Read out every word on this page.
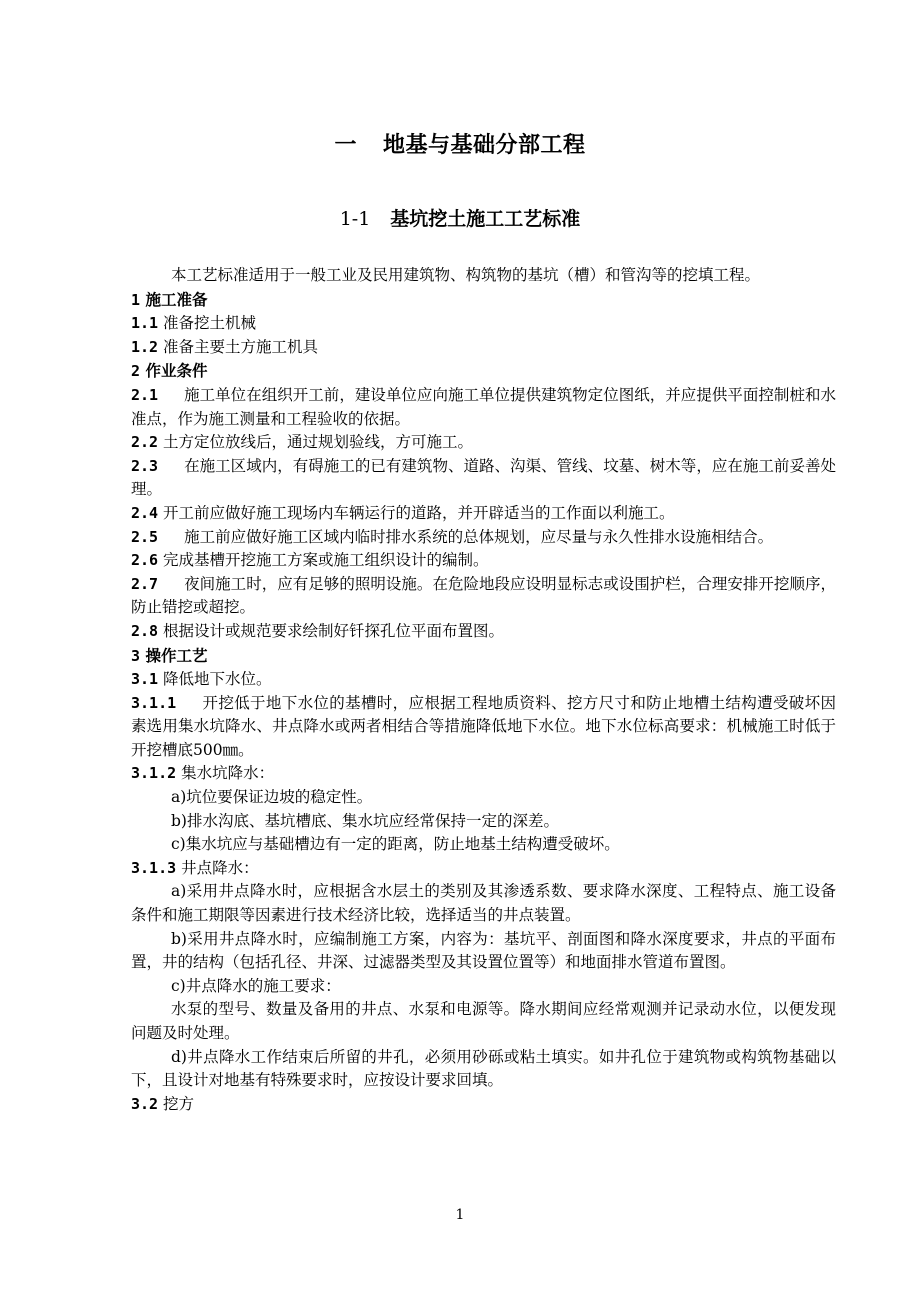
一 地基与基础分部工程
1-1 基坑挖土施工工艺标准

本工艺标准适用于一般工业及民用建筑物、构筑物的基坑（槽）和管沟等的挖填工程。

1 施工准备

1.1 准备挖土机械

1.2 准备主要土方施工机具

2 作业条件

2.1 施工单位在组织开工前，建设单位应向施工单位提供建筑物定位图纸，并应提供平面控制桩和水准点，作为施工测量和工程验收的依据。

2.2 土方定位放线后，通过规划验线，方可施工。

2.3 在施工区域内，有碍施工的已有建筑物、道路、沟渠、管线、坟墓、树木等，应在施工前妥善处理。

2.4 开工前应做好施工现场内车辆运行的道路，并开辟适当的工作面以利施工。

2.5 施工前应做好施工区域内临时排水系统的总体规划，应尽量与永久性排水设施相结合。

2.6 完成基槽开挖施工方案或施工组织设计的编制。

2.7 夜间施工时，应有足够的照明设施。在危险地段应设明显标志或设围护栏，合理安排开挖顺序，防止错挖或超挖。

2.8 根据设计或规范要求绘制好钎探孔位平面布置图。

3 操作工艺

3.1 降低地下水位。

3.1.1 开挖低于地下水位的基槽时，应根据工程地质资料、挖方尺寸和防止地槽土结构遭受破坏因素选用集水坑降水、井点降水或两者相结合等措施降低地下水位。地下水位标高要求：机械施工时低于开挖槽底500㎜。

3.1.2 集水坑降水：

a)坑位要保证边坡的稳定性。

b)排水沟底、基坑槽底、集水坑应经常保持一定的深差。

c)集水坑应与基础槽边有一定的距离，防止地基土结构遭受破坏。

3.1.3 井点降水：

a)采用井点降水时，应根据含水层土的类别及其渗透系数、要求降水深度、工程特点、施工设备条件和施工期限等因素进行技术经济比较，选择适当的井点装置。

b)采用井点降水时，应编制施工方案，内容为：基坑平、剖面图和降水深度要求，井点的平面布置，井的结构（包括孔径、井深、过滤器类型及其设置位置等）和地面排水管道布置图。

c)井点降水的施工要求：

水泵的型号、数量及备用的井点、水泵和电源等。降水期间应经常观测并记录动水位，以便发现问题及时处理。

d)井点降水工作结束后所留的井孔，必须用砂砾或粘土填实。如井孔位于建筑物或构筑物基础以下，且设计对地基有特殊要求时，应按设计要求回填。

3.2 挖方

1
